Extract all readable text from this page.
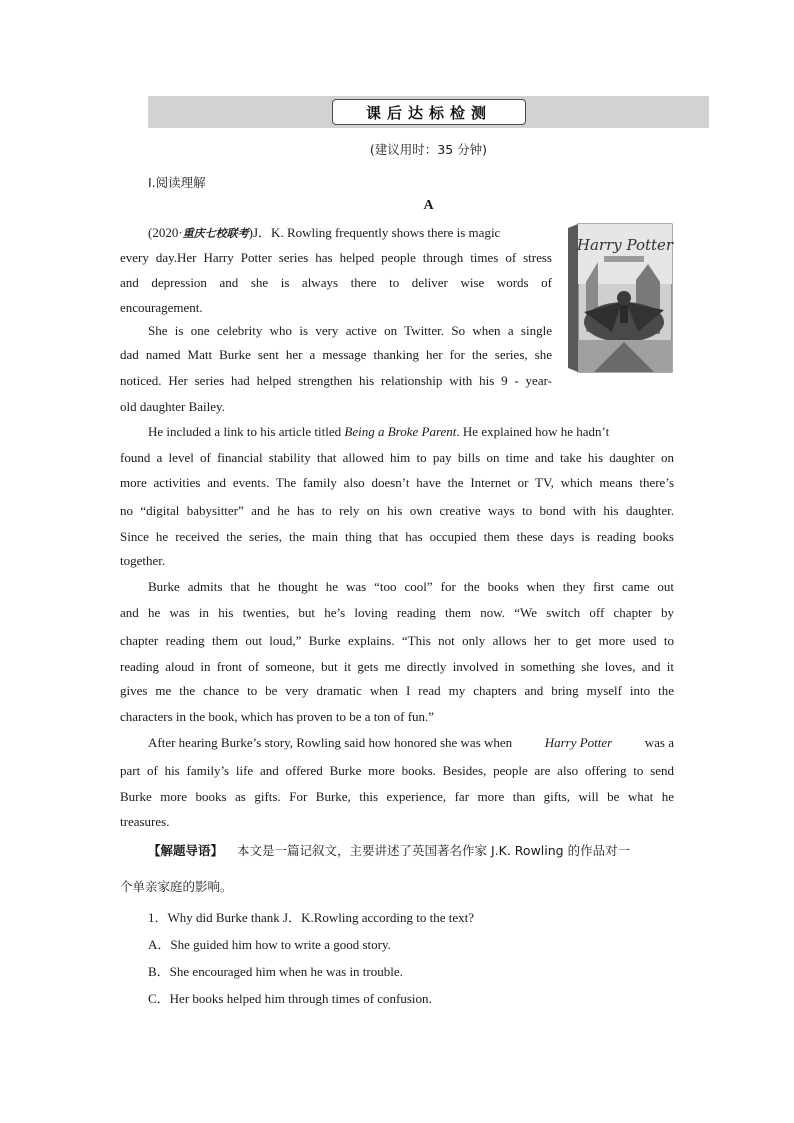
课后达标检测
(建议用时：35 分钟)
Ⅰ.阅读理解
A
(2020·重庆七校联考)J．K. Rowling frequently shows there is magic
every day.Her Harry Potter series has helped people through times of stress
and depression and she is always there to deliver wise words of
encouragement.
She is one celebrity who is very active on Twitter. So when a single
dad named Matt Burke sent her a message thanking her for the series, she
noticed. Her series had helped strengthen his relationship with his 9 - year-
old daughter Bailey.
He included a link to his article titled
Being a Broke Parent . He explained how he hadn’t
found a level of financial stability that allowed him to pay bills on time and take his daughter on
more activities and events. The family also doesn’t have the Internet or TV, which means there’s
no “digital babysitter” and he has to rely on his own creative ways to bond with his daughter.
Since he received the series, the main thing that has occupied them these days is reading books
together.
Burke admits that he thought he was “too cool” for the books when they first came out
and he was in his twenties, but he’s loving reading them now. “We switch off chapter by
chapter reading them out loud,” Burke explains. “This not only allows her to get more used to
reading aloud in front of someone, but it gets me directly involved in something she loves, and it
gives me the chance to be very dramatic when I read my chapters and bring myself into the
characters in the book, which has proven to be a ton of fun.”
After hearing Burke’s story, Rowling said how honored she was when	Harry Potter	was a
part of his family’s life and offered Burke more books. Besides, people are also offering to send
Burke more books as gifts. For Burke, this experience, far more than gifts, will be what he
treasures.
【解题导语】 本文是一篇记叙文，主要讲述了英国著名作家 J.K. Rowling 的作品对一
个单亲家庭的影响。
1．Why did Burke thank J．K.Rowling according to the text?
A．She guided him how to write a good story.
B．She encouraged him when he was in trouble.
C．Her books helped him through times of confusion.
Harry Potter
